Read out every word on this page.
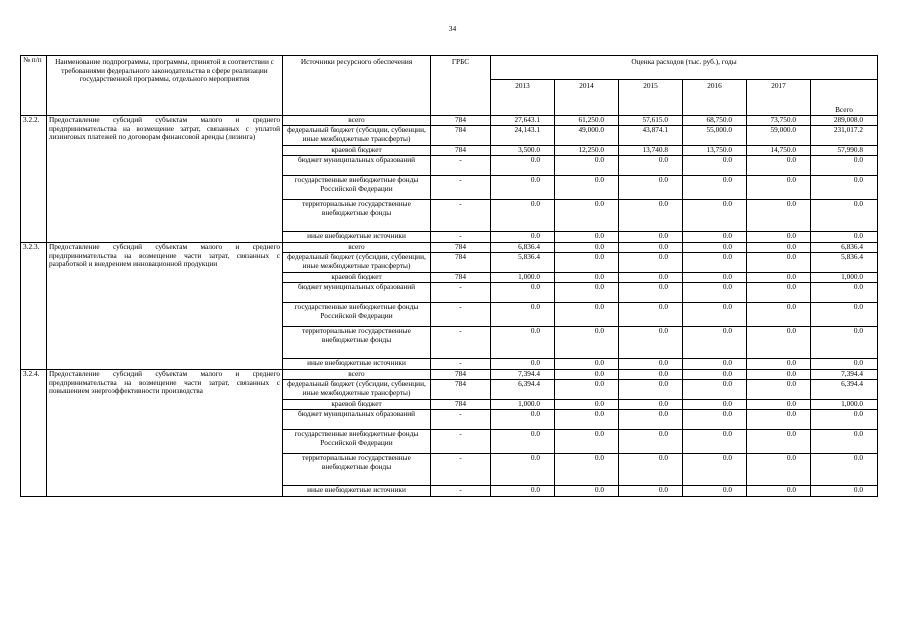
34
№ п/п	Наименование подпрограммы, программы, принятой в соответствии с требованиями федерального законодательства в сфере реализации государственной программы, отдельного мероприятия	Источники ресурсного обеспечения	ГРБС	Оценка расходов (тыс. руб.), годы					
				2013	2014	2015	2016	2017	Всего
3.2.2.	Предоставление субсидий субъектам малого и среднего предпринимательства на возмещение затрат, связанных с уплатой лизинговых платежей по договорам финансовой аренды (лизинга)	всего	784	27,643.1	61,250.0	57,615.0	68,750.0	73,750.0	289,008.0
		федеральный бюджет (субсидии, субвенции, иные межбюджетные трансферты)	784	24,143.1	49,000.0	43,874.1	55,000.0	59,000.0	231,017.2
		краевой бюджет	784	3,500.0	12,250.0	13,740.8	13,750.0	14,750.0	57,990.8
		бюджет муниципальных образований	-	0.0	0.0	0.0	0.0	0.0	0.0
		государственные внебюджетные фонды Российской Федерации	-	0.0	0.0	0.0	0.0	0.0	0.0
		территориальные государственные внебюджетные фонды	-	0.0	0.0	0.0	0.0	0.0	0.0
		иные внебюджетные источники	-	0.0	0.0	0.0	0.0	0.0	0.0
3.2.3.	Предоставление субсидий субъектам малого и среднего предпринимательства на возмещение части затрат, связанных с разработкой и внедрением инновационной продукции	всего	784	6,836.4	0.0	0.0	0.0	0.0	6,836.4
		федеральный бюджет (субсидии, субвенции, иные межбюджетные трансферты)	784	5,836.4	0.0	0.0	0.0	0.0	5,836.4
		краевой бюджет	784	1,000.0	0.0	0.0	0.0	0.0	1,000.0
		бюджет муниципальных образований	-	0.0	0.0	0.0	0.0	0.0	0.0
		государственные внебюджетные фонды Российской Федерации	-	0.0	0.0	0.0	0.0	0.0	0.0
		территориальные государственные внебюджетные фонды	-	0.0	0.0	0.0	0.0	0.0	0.0
		иные внебюджетные источники	-	0.0	0.0	0.0	0.0	0.0	0.0
3.2.4.	Предоставление субсидий субъектам малого и среднего предпринимательства на возмещение части затрат, связанных с повышением энергоэффективности производства	всего	784	7,394.4	0.0	0.0	0.0	0.0	7,394.4
		федеральный бюджет (субсидии, субвенции, иные межбюджетные трансферты)	784	6,394.4	0.0	0.0	0.0	0.0	6,394.4
		краевой бюджет	784	1,000.0	0.0	0.0	0.0	0.0	1,000.0
		бюджет муниципальных образований	-	0.0	0.0	0.0	0.0	0.0	0.0
		государственные внебюджетные фонды Российской Федерации	-	0.0	0.0	0.0	0.0	0.0	0.0
		территориальные государственные внебюджетные фонды	-	0.0	0.0	0.0	0.0	0.0	0.0
		иные внебюджетные источники	-	0.0	0.0	0.0	0.0	0.0	0.0
